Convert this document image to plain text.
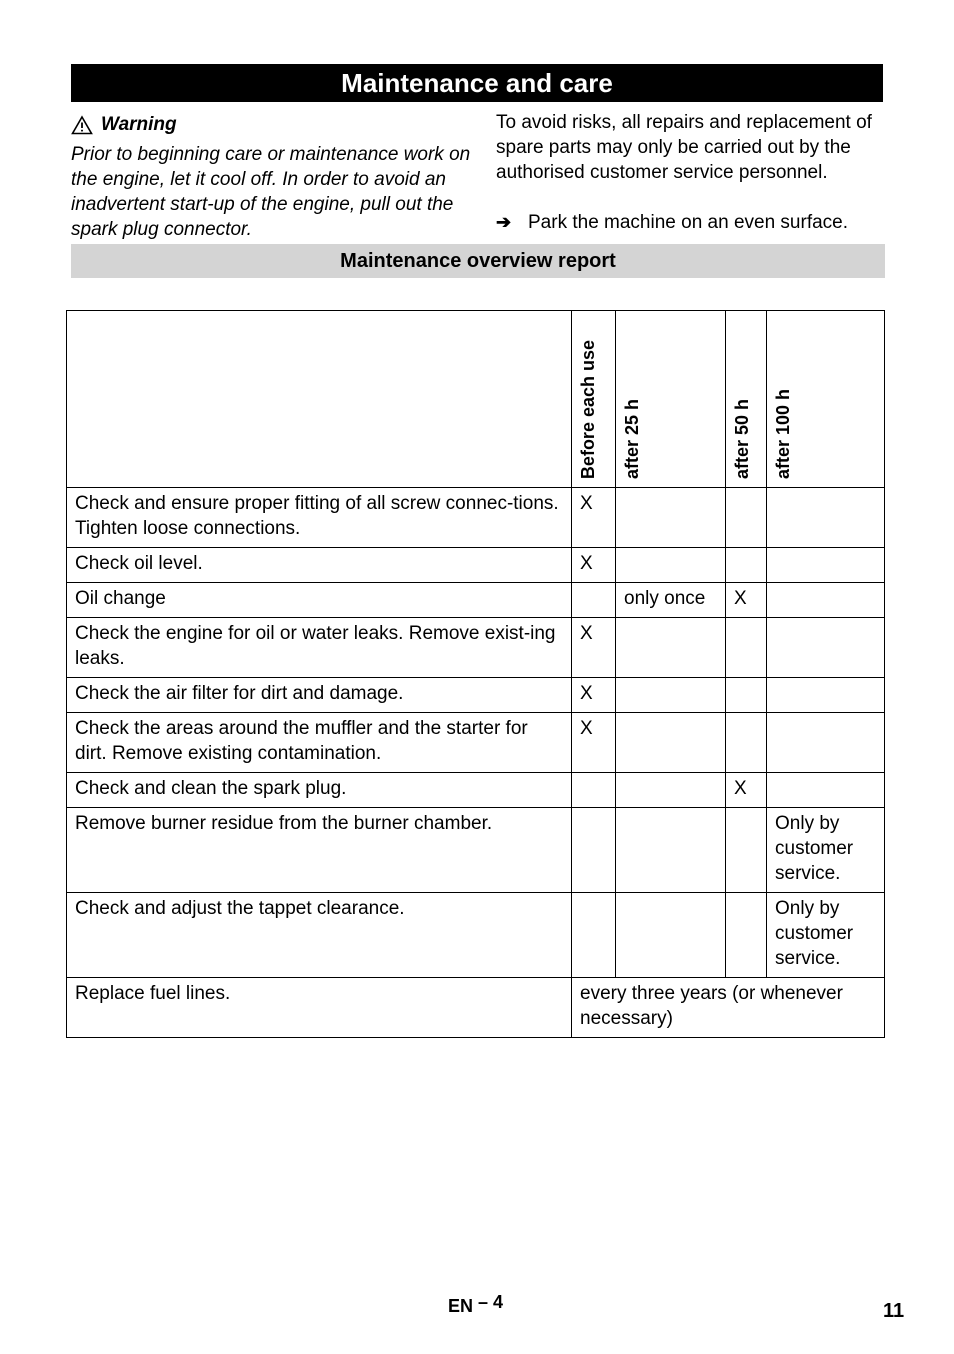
Maintenance and care
Warning
Prior to beginning care or maintenance work on the engine, let it cool off. In order to avoid an inadvertent start-up of the engine, pull out the spark plug connector.
To avoid risks, all repairs and replacement of spare parts may only be carried out by the authorised customer service personnel.
➔ Park the machine on an even surface.
Maintenance overview report

	Before each use	after 25 h	after 50 h	after 100 h

Check and ensure proper fitting of all screw connec-tions. Tighten loose connections.	X			
Check oil level.	X			
Oil change		only once	X	
Check the engine for oil or water leaks. Remove exist-ing leaks.	X			
Check the air filter for dirt and damage.	X			
Check the areas around the muffler and the starter for dirt. Remove existing contamination.	X			
Check and clean the spark plug.			X	
Remove burner residue from the burner chamber.				Only by customer service.
Check and adjust the tappet clearance.				Only by customer service.
Replace fuel lines.	every three years (or whenever necessary)			
EN – 4	11
